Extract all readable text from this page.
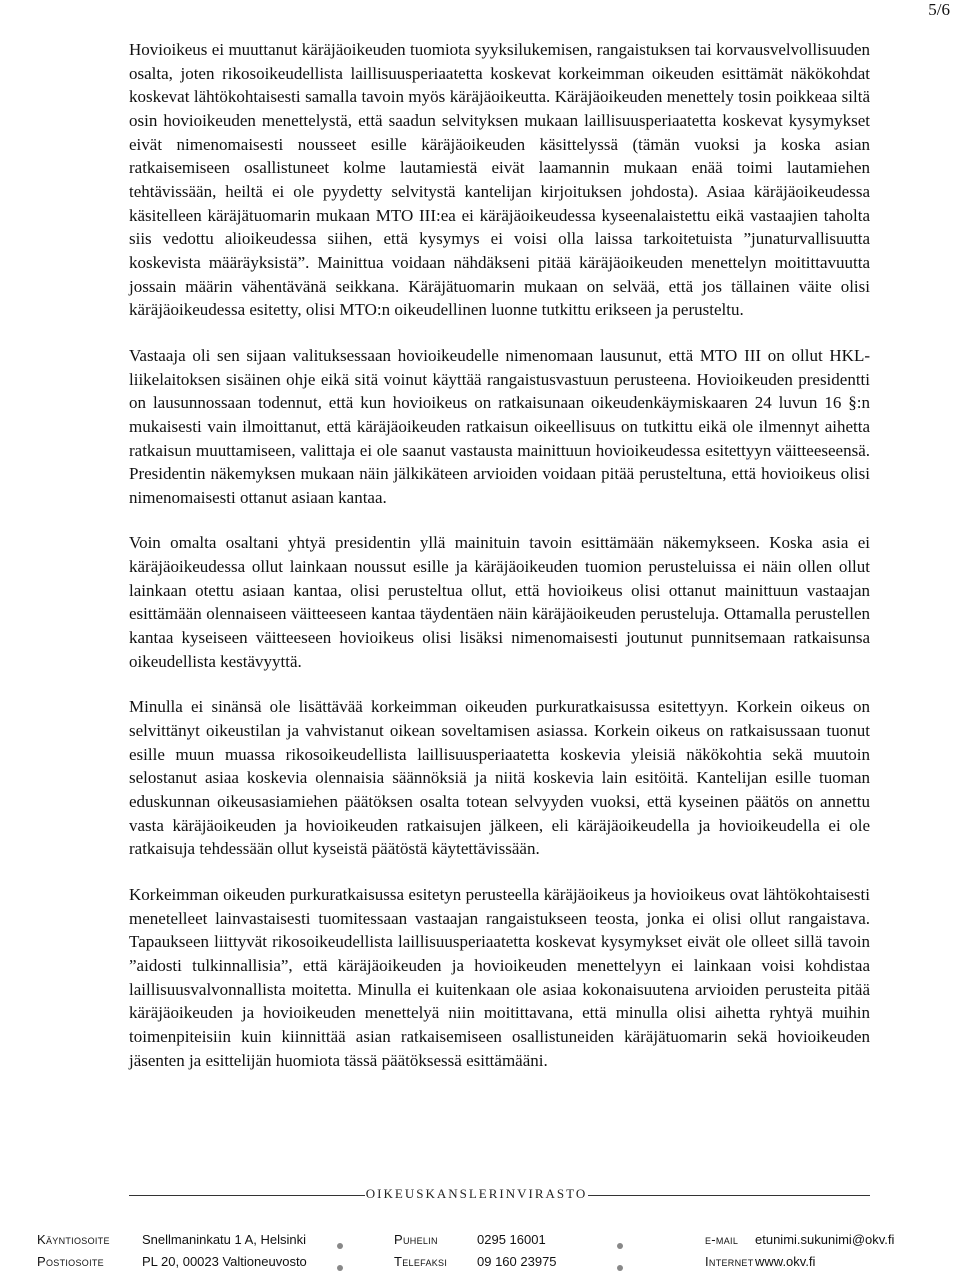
5/6

Hovioikeus ei muuttanut käräjäoikeuden tuomiota syyksilukemisen, rangaistuksen tai korvausvelvollisuuden osalta, joten rikosoikeudellista laillisuusperiaatetta koskevat korkeimman oikeuden esittämät näkökohdat koskevat lähtökohtaisesti samalla tavoin myös käräjäoikeutta. Käräjäoikeuden menettely tosin poikkeaa siltä osin hovioikeuden menettelystä, että saadun selvityksen mukaan laillisuusperiaatetta koskevat kysymykset eivät nimenomaisesti nousseet esille käräjäoikeuden käsittelyssä (tämän vuoksi ja koska asian ratkaisemiseen osallistuneet kolme lautamiestä eivät laamannin mukaan enää toimi lautamiehen tehtävissään, heiltä ei ole pyydetty selvitystä kantelijan kirjoituksen johdosta). Asiaa käräjäoikeudessa käsitelleen käräjätuomarin mukaan MTO III:ea ei käräjäoikeudessa kyseenalaistettu eikä vastaajien taholta siis vedottu alioikeudessa siihen, että kysymys ei voisi olla laissa tarkoitetuista ”junaturvallisuutta koskevista määräyksistä”. Mainittua voidaan nähdäkseni pitää käräjäoikeuden menettelyn moitittavuutta jossain määrin vähentävänä seikkana. Käräjätuomarin mukaan on selvää, että jos tällainen väite olisi käräjäoikeudessa esitetty, olisi MTO:n oikeudellinen luonne tutkittu erikseen ja perusteltu.

Vastaaja oli sen sijaan valituksessaan hovioikeudelle nimenomaan lausunut, että MTO III on ollut HKL-liikelaitoksen sisäinen ohje eikä sitä voinut käyttää rangaistusvastuun perusteena. Hovioikeuden presidentti on lausunnossaan todennut, että kun hovioikeus on ratkaisunaan oikeudenkäymiskaaren 24 luvun 16 §:n mukaisesti vain ilmoittanut, että käräjäoikeuden ratkaisun oikeellisuus on tutkittu eikä ole ilmennyt aihetta ratkaisun muuttamiseen, valittaja ei ole saanut vastausta mainittuun hovioikeudessa esitettyyn väitteeseensä. Presidentin näkemyksen mukaan näin jälkikäteen arvioiden voidaan pitää perusteltuna, että hovioikeus olisi nimenomaisesti ottanut asiaan kantaa.

Voin omalta osaltani yhtyä presidentin yllä mainituin tavoin esittämään näkemykseen. Koska asia ei käräjäoikeudessa ollut lainkaan noussut esille ja käräjäoikeuden tuomion perusteluissa ei näin ollen ollut lainkaan otettu asiaan kantaa, olisi perusteltua ollut, että hovioikeus olisi ottanut mainittuun vastaajan esittämään olennaiseen väitteeseen kantaa täydentäen näin käräjäoikeuden perusteluja. Ottamalla perustellen kantaa kyseiseen väitteeseen hovioikeus olisi lisäksi nimenomaisesti joutunut punnitsemaan ratkaisunsa oikeudellista kestävyyttä.

Minulla ei sinänsä ole lisättävää korkeimman oikeuden purkuratkaisussa esitettyyn. Korkein oikeus on selvittänyt oikeustilan ja vahvistanut oikean soveltamisen asiassa. Korkein oikeus on ratkaisussaan tuonut esille muun muassa rikosoikeudellista laillisuusperiaatetta koskevia yleisiä näkökohtia sekä muutoin selostanut asiaa koskevia olennaisia säännöksiä ja niitä koskevia lain esitöitä. Kantelijan esille tuoman eduskunnan oikeusasiamiehen päätöksen osalta totean selvyyden vuoksi, että kyseinen päätös on annettu vasta käräjäoikeuden ja hovioikeuden ratkaisujen jälkeen, eli käräjäoikeudella ja hovioikeudella ei ole ratkaisuja tehdessään ollut kyseistä päätöstä käytettävissään.

Korkeimman oikeuden purkuratkaisussa esitetyn perusteella käräjäoikeus ja hovioikeus ovat lähtökohtaisesti menetelleet lainvastaisesti tuomitessaan vastaajan rangaistukseen teosta, jonka ei olisi ollut rangaistava. Tapaukseen liittyvät rikosoikeudellista laillisuusperiaatetta koskevat kysymykset eivät ole olleet sillä tavoin ”aidosti tulkinnallisia”, että käräjäoikeuden ja hovioikeuden menettelyyn ei lainkaan voisi kohdistaa laillisuusvalvonnallista moitetta. Minulla ei kuitenkaan ole asiaa kokonaisuutena arvioiden perusteita pitää käräjäoikeuden ja hovioikeuden menettelyä niin moitittavana, että minulla olisi aihetta ryhtyä muihin toimenpiteisiin kuin kiinnittää asian ratkaisemiseen osallistuneiden käräjätuomarin sekä hovioikeuden jäsenten ja esittelijän huomiota tässä päätöksessä esittämääni.

OIKEUSKANSLERINVIRASTO
Käyntiosoite Snellmaninkatu 1 A, Helsinki	Puhelin	0295 16001	e-mail etunimi.sukunimi@okv.fi
Postiosoite	PL 20, 00023 Valtioneuvosto	Telefaksi 09 160 23975	Internet www.okv.fi
